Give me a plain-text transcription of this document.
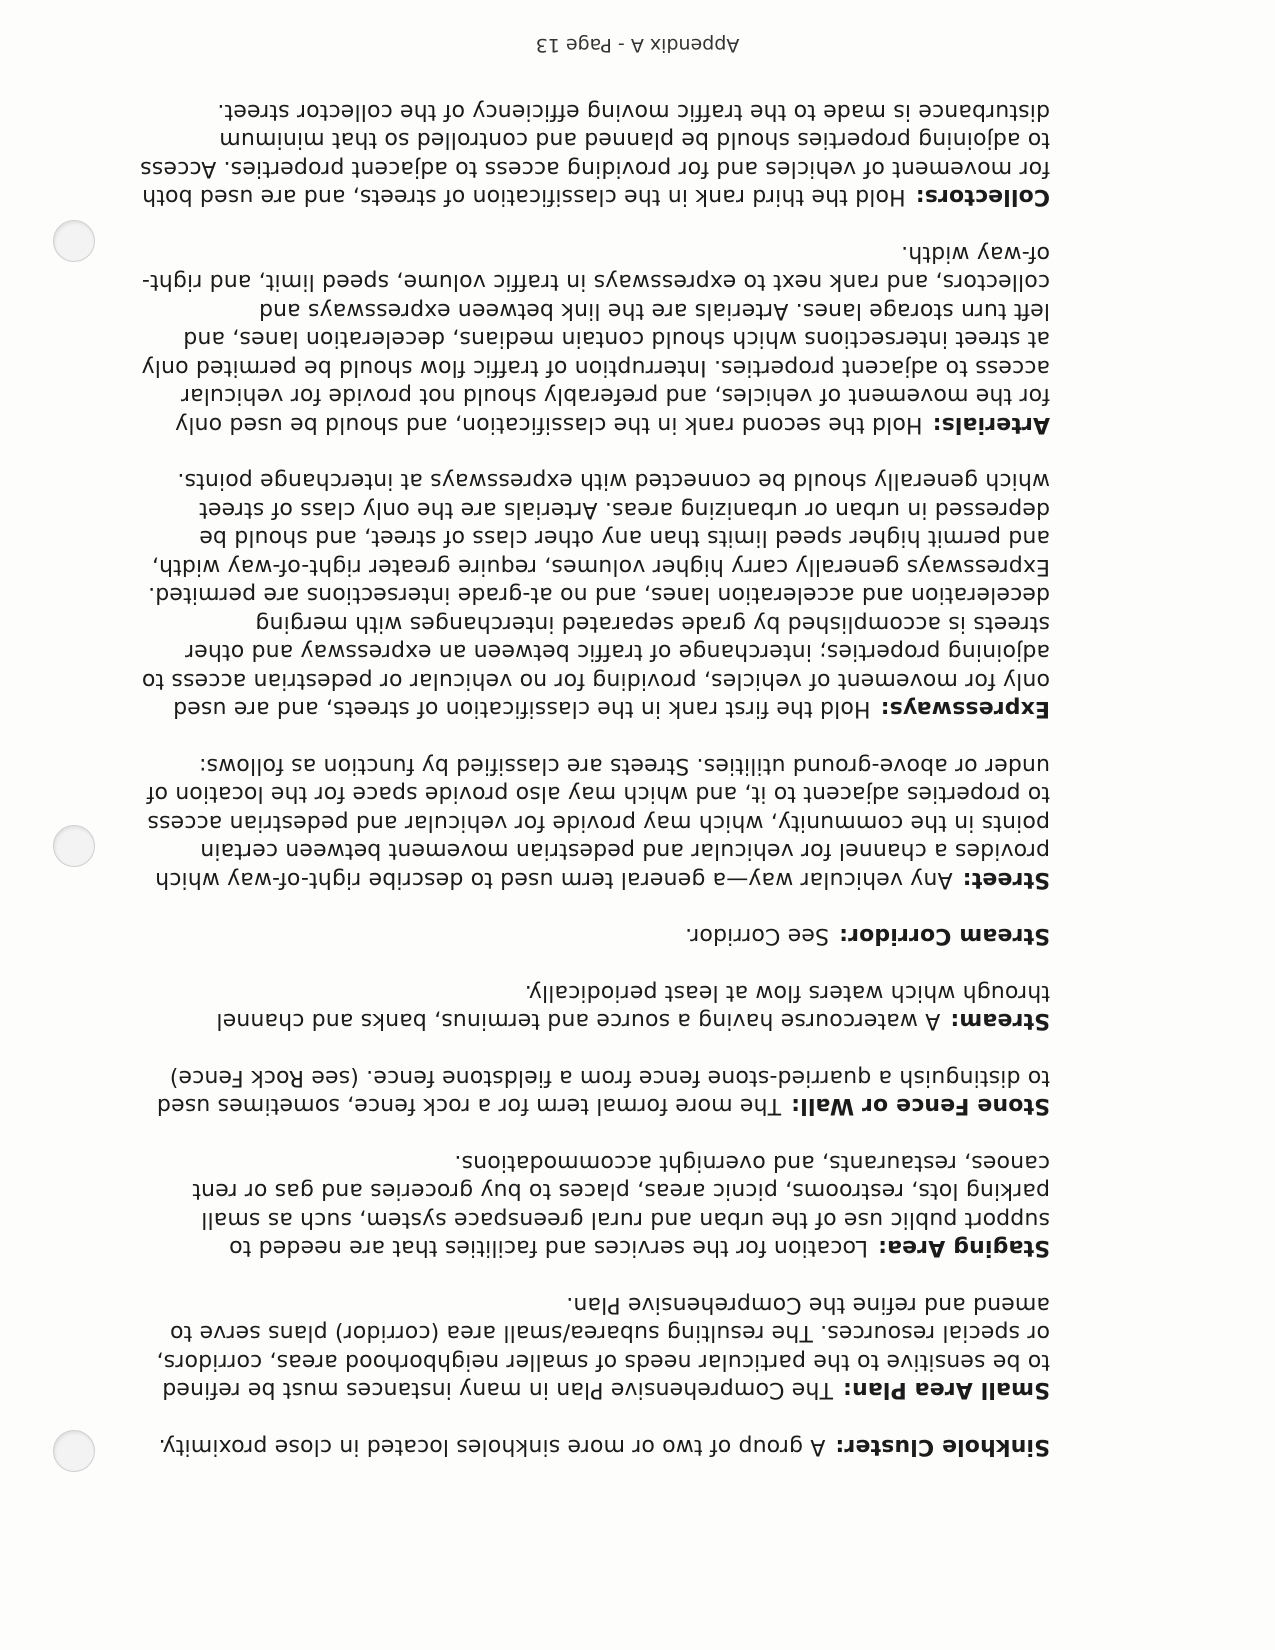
Sinkhole Cluster:A group of two or more sinkholes located in close proximity.

Small Area Plan:The Comprehensive Plan in many instances must be refined to be sensitive to the particular needs of smaller neighborhood areas, corridors, or special resources. The resulting subarea/small area (corridor) plans serve to amend and refine the Comprehensive Plan.

Staging Area:Location for the services and facilities that are needed to support public use of the urban and rural greenspace system, such as small parking lots, restrooms, picnic areas, places to buy groceries and gas or rent canoes, restaurants, and overnight accommodations.

Stone Fence or Wall:The more formal term for a rock fence, sometimes used to distinguish a quarried-stone fence from a fieldstone fence. (see Rock Fence)

Stream:A watercourse having a source and terminus, banks and channel through which waters flow at least periodically.

Stream Corridor:See Corridor.

Street:Any vehicular way—a general term used to describe right-of-way which provides a channel for vehicular and pedestrian movement between certain points in the community, which may provide for vehicular and pedestrian access to properties adjacent to it, and which may also provide space for the location of under or above-ground utilities. Streets are classified by function as follows:

Expressways:Hold the first rank in the classification of streets, and are used only for movement of vehicles, providing for no vehicular or pedestrian access to adjoining properties; interchange of traffic between an expressway and other streets is accomplished by grade separated interchanges with merging deceleration and acceleration lanes, and no at-grade intersections are permited. Expressways generally carry higher volumes, require greater right-of-way width, and permit higher speed limits than any other class of street, and should be depressed in urban or urbanizing areas. Arterials are the only class of street which generally should be connected with expressways at interchange points.

Arterials:Hold the second rank in the classification, and should be used only for the movement of vehicles, and preferably should not provide for vehicular access to adjacent properties. Interruption of traffic flow should be permited only at street intersections which should contain medians, deceleration lanes, and left turn storage lanes. Arterials are the link between expressways and collectors, and rank next to expressways in traffic volume, speed limit, and right-of-way width.

Collectors:Hold the third rank in the classification of streets, and are used both for movement of vehicles and for providing access to adjacent properties. Access to adjoining properties should be planned and controlled so that minimum disturbance is made to the traffic moving efficiency of the collector street.

Appendix A - Page 13
